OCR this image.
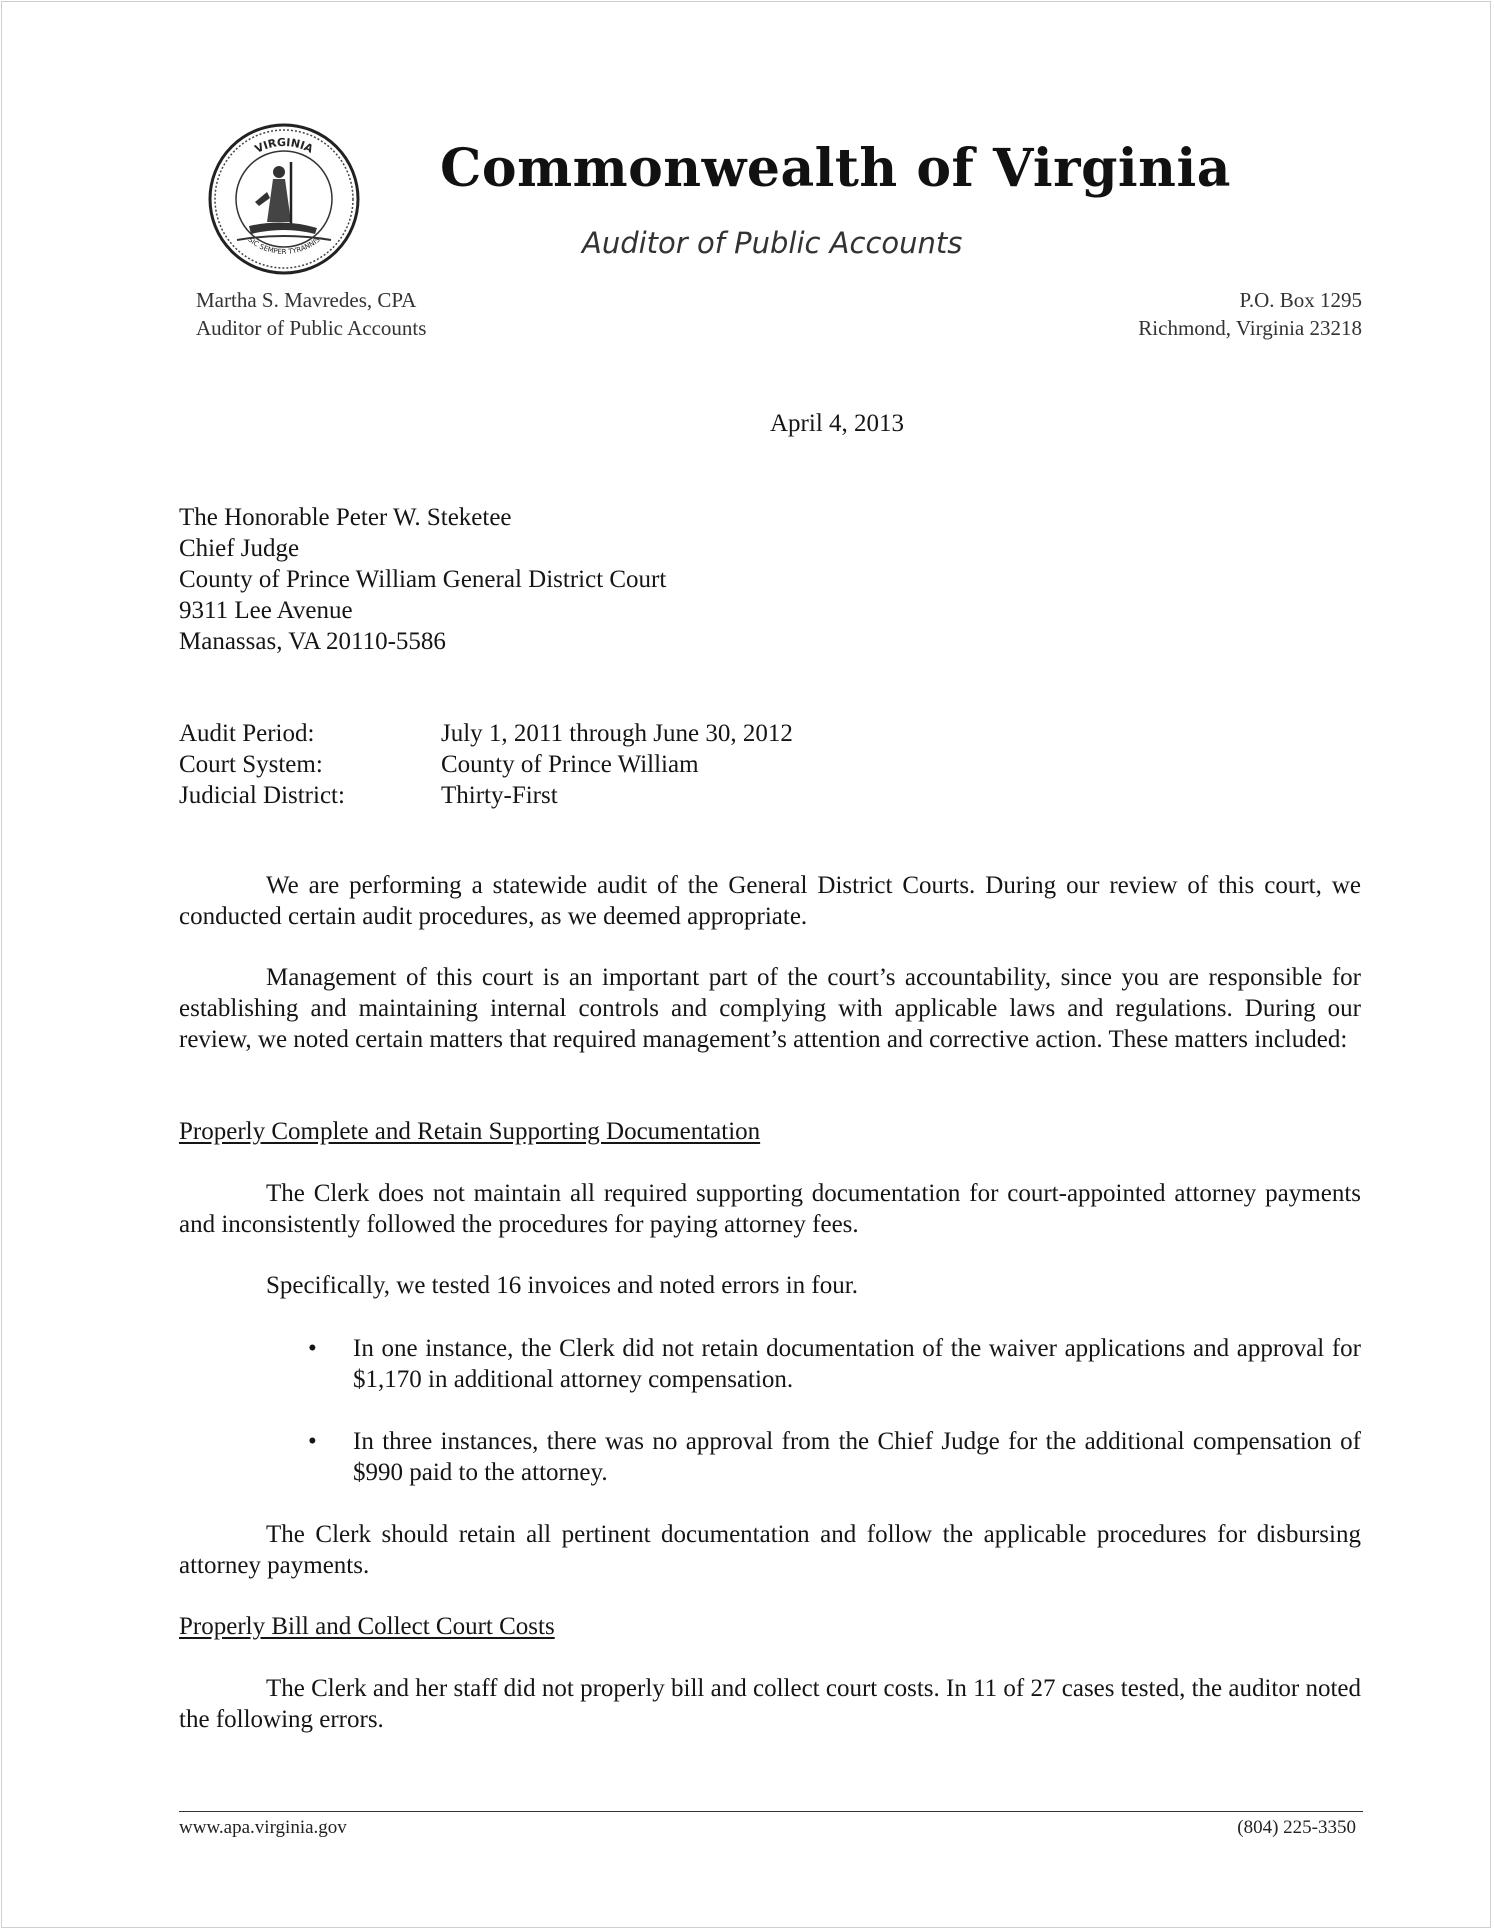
VIRGINIA
SIC SEMPER TYRANNIS
Commonwealth of Virginia
Auditor of Public Accounts
Martha S. Mavredes, CPA
Auditor of Public Accounts
P.O. Box 1295
Richmond, Virginia 23218
April 4, 2013
The Honorable Peter W. Steketee
Chief Judge
County of Prince William General District Court
9311 Lee Avenue
Manassas, VA 20110-5586
Audit Period:	July 1, 2011 through June 30, 2012
Court System:	County of Prince William
Judicial District:	Thirty-First
We are performing a statewide audit of the General District Courts. During our review of this court, we conducted certain audit procedures, as we deemed appropriate.
Management of this court is an important part of the court’s accountability, since you are responsible for establishing and maintaining internal controls and complying with applicable laws and regulations. During our review, we noted certain matters that required management’s attention and corrective action. These matters included:
Properly Complete and Retain Supporting Documentation
The Clerk does not maintain all required supporting documentation for court-appointed attorney payments and inconsistently followed the procedures for paying attorney fees.
Specifically, we tested 16 invoices and noted errors in four.
•	In one instance, the Clerk did not retain documentation of the waiver applications and approval for $1,170 in additional attorney compensation.
•	In three instances, there was no approval from the Chief Judge for the additional compensation of $990 paid to the attorney.
The Clerk should retain all pertinent documentation and follow the applicable procedures for disbursing attorney payments.
Properly Bill and Collect Court Costs
The Clerk and her staff did not properly bill and collect court costs. In 11 of 27 cases tested, the auditor noted the following errors.
www.apa.virginia.gov	(804) 225-3350
